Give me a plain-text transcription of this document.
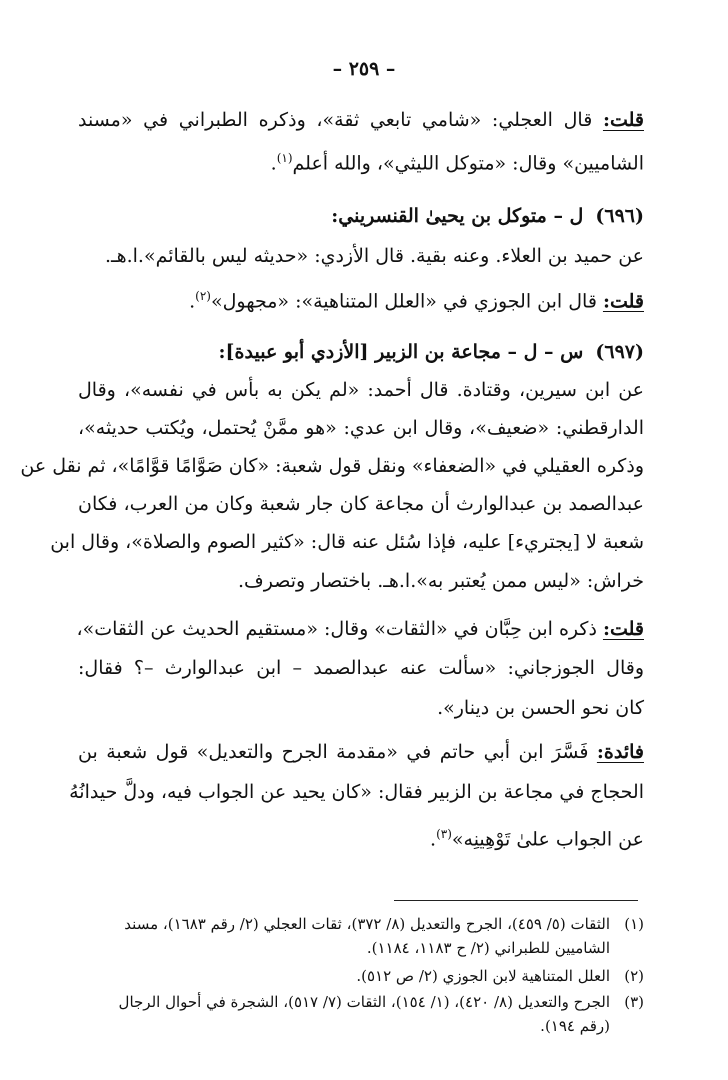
– ٢٥٩ –
قلت: قال العجلي: «شامي تابعي ثقة»، وذكره الطبراني في «مسند
الشاميين» وقال: «متوكل الليثي»، والله أعلم$^{(١)}$.
(٦٩٦)ل – متوكل بن يحيىٰ القنسريني:
عن حميد بن العلاء. وعنه بقية. قال الأزدي: «حديثه ليس بالقائم».ا.هـ.
قلت: قال ابن الجوزي في «العلل المتناهية»: «مجهول»$^{(٢)}$.
(٦٩٧)س – ل – مجاعة بن الزبير [الأزدي أبو عبيدة]:
عن ابن سيرين، وقتادة. قال أحمد: «لم يكن به بأس في نفسه»، وقال
الدارقطني: «ضعيف»، وقال ابن عدي: «هو ممَّنْ يُحتمل، ويُكتب حديثه»،
وذكره العقيلي في «الضعفاء» ونقل قول شعبة: «كان صَوَّامًا قوَّامًا»، ثم نقل عن
عبدالصمد بن عبدالوارث أن مجاعة كان جار شعبة وكان من العرب، فكان
شعبة لا [يجتريء] عليه، فإذا سُئل عنه قال: «كثير الصوم والصلاة»، وقال ابن
خراش: «ليس ممن يُعتبر به».ا.هـ. باختصار وتصرف.
قلت: ذكره ابن حِبَّان في «الثقات» وقال: «مستقيم الحديث عن الثقات»،
وقال الجوزجاني: «سألت عنه عبدالصمد – ابن عبدالوارث –؟ فقال:
كان نحو الحسن بن دينار».
فائدة: فَسَّرَ ابن أبي حاتم في «مقدمة الجرح والتعديل» قول شعبة بن
الحجاج في مجاعة بن الزبير فقال: «كان يحيد عن الجواب فيه، ودلَّ حيدانُهُ
عن الجواب علىٰ تَوْهِينِه»$^{(٣)}$.
(١)الثقات (٥/ ٤٥٩)، الجرح والتعديل (٨/ ٣٧٢)، ثقات العجلي (٢/ رقم ١٦٨٣)، مسند
الشاميين للطبراني (٢/ ح ١١٨٣، ١١٨٤).
(٢)العلل المتناهية لابن الجوزي (٢/ ص ٥١٢).
(٣)الجرح والتعديل (٨/ ٤٢٠)، (١/ ١٥٤)، الثقات (٧/ ٥١٧)، الشجرة في أحوال الرجال
(رقم ١٩٤).
